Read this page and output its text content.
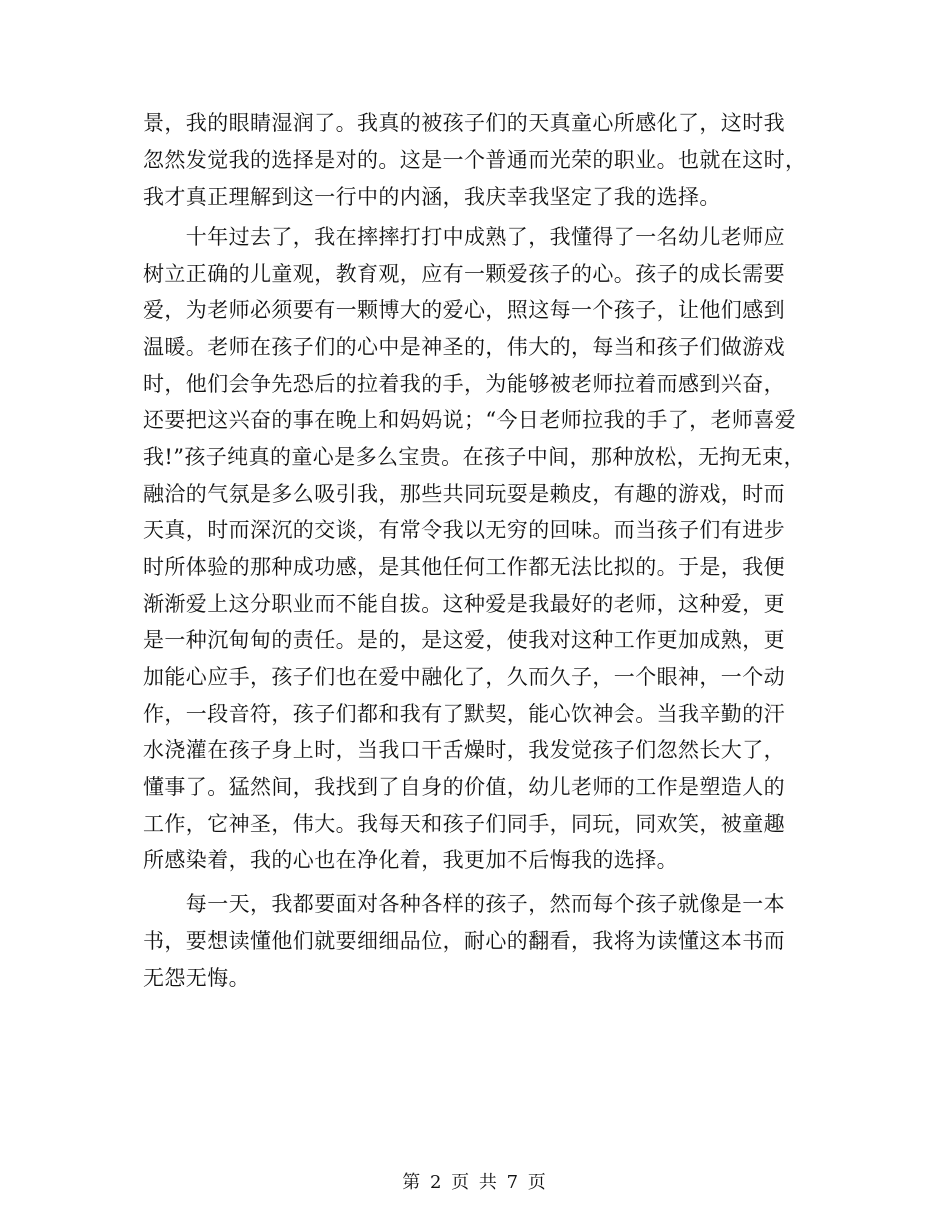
景，我的眼睛湿润了。我真的被孩子们的天真童心所感化了，这时我
忽然发觉我的选择是对的。这是一个普通而光荣的职业。也就在这时，
我才真正理解到这一行中的内涵，我庆幸我坚定了我的选择。
　　十年过去了，我在摔摔打打中成熟了，我懂得了一名幼儿老师应
树立正确的儿童观，教育观，应有一颗爱孩子的心。孩子的成长需要
爱，为老师必须要有一颗博大的爱心，照这每一个孩子，让他们感到
温暖。老师在孩子们的心中是神圣的，伟大的，每当和孩子们做游戏
时，他们会争先恐后的拉着我的手，为能够被老师拉着而感到兴奋，
还要把这兴奋的事在晚上和妈妈说；“今日老师拉我的手了，老师喜爱
我!”孩子纯真的童心是多么宝贵。在孩子中间，那种放松，无拘无束，
融洽的气氛是多么吸引我，那些共同玩耍是赖皮，有趣的游戏，时而
天真，时而深沉的交谈，有常令我以无穷的回味。而当孩子们有进步
时所体验的那种成功感，是其他任何工作都无法比拟的。于是，我便
渐渐爱上这分职业而不能自拔。这种爱是我最好的老师，这种爱，更
是一种沉甸甸的责任。是的，是这爱，使我对这种工作更加成熟，更
加能心应手，孩子们也在爱中融化了，久而久子，一个眼神，一个动
作，一段音符，孩子们都和我有了默契，能心饮神会。当我辛勤的汗
水浇灌在孩子身上时，当我口干舌燥时，我发觉孩子们忽然长大了，
懂事了。猛然间，我找到了自身的价值，幼儿老师的工作是塑造人的
工作，它神圣，伟大。我每天和孩子们同手，同玩，同欢笑，被童趣
所感染着，我的心也在净化着，我更加不后悔我的选择。
　　每一天，我都要面对各种各样的孩子，然而每个孩子就像是一本
书，要想读懂他们就要细细品位，耐心的翻看，我将为读懂这本书而
无怨无悔。
第 2 页 共 7 页
